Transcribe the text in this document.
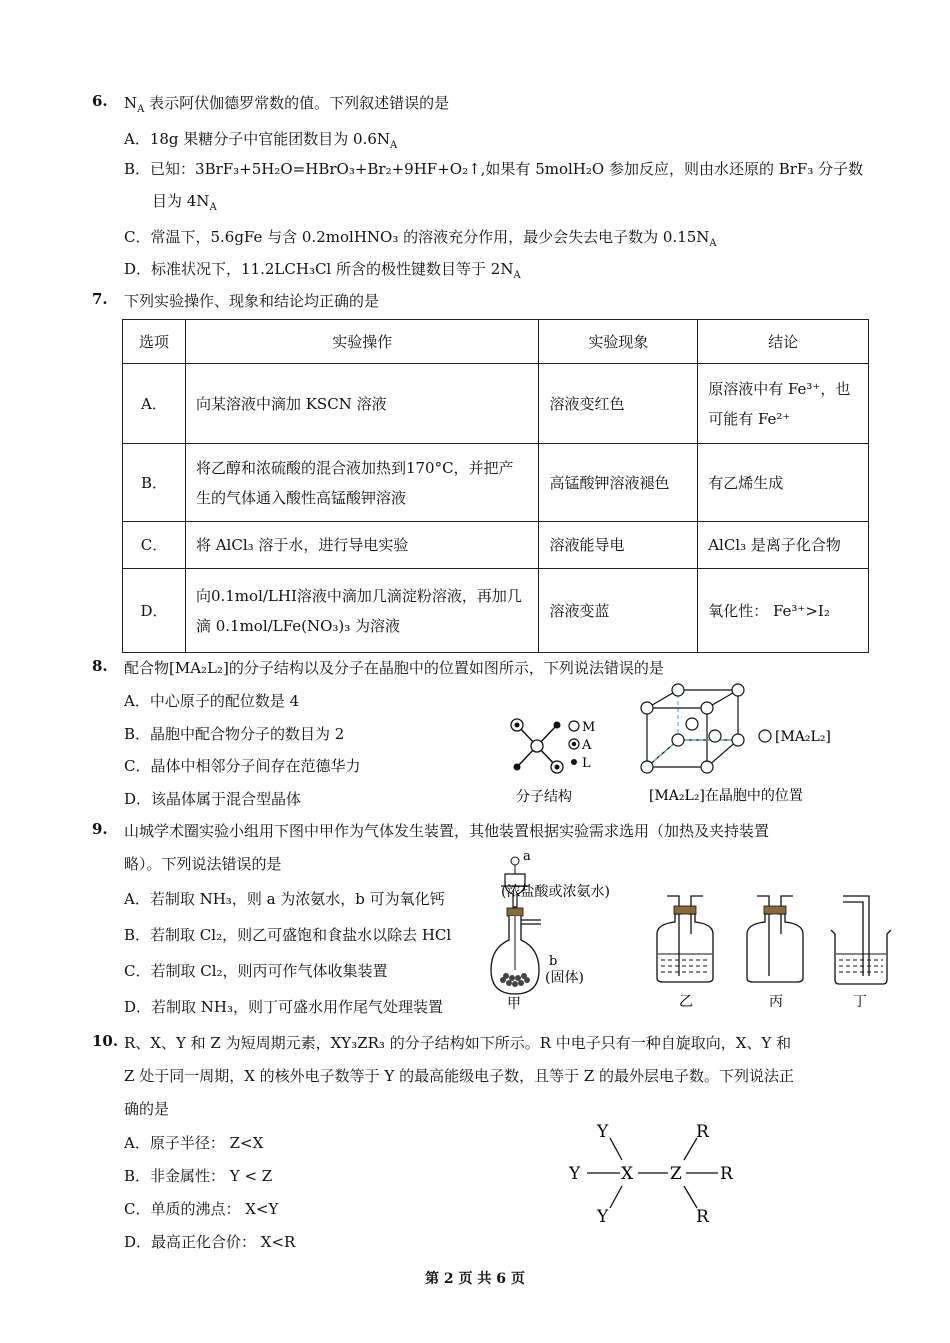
6. $N_A$ 表示阿伏伽德罗常数的值。下列叙述错误的是
A．18g 果糖分子中官能团数目为 $0.6N_A$
B．已知：3BrF₃+5H₂O=HBrO₃+Br₂+9HF+O₂↑,如果有 5molH₂O 参加反应，则由水还原的 BrF₃ 分子数
目为 $4N_A$
C．常温下，5.6gFe 与含 0.2molHNO₃ 的溶液充分作用，最少会失去电子数为 $0.15N_A$
D．标准状况下，11.2LCH₃Cl 所含的极性键数目等于 $2N_A$
7. 下列实验操作、现象和结论均正确的是
选项	实验操作	实验现象	结论
A．	向某溶液中滴加 KSCN 溶液	溶液变红色	原溶液中有 Fe³⁺，也可能有 Fe²⁺
B．	将乙醇和浓硫酸的混合液加热到170°C，并把产生的气体通入酸性高锰酸钾溶液	高锰酸钾溶液褪色	有乙烯生成
C．	将 AlCl₃ 溶于水，进行导电实验	溶液能导电	AlCl₃ 是离子化合物
D．	向0.1mol/LHI溶液中滴加几滴淀粉溶液，再加几滴 0.1mol/LFe(NO₃)₃ 为溶液	溶液变蓝	氧化性： Fe³⁺>I₂
8. 配合物[MA₂L₂]的分子结构以及分子在晶胞中的位置如图所示，下列说法错误的是
A．中心原子的配位数是 4
B．晶胞中配合物分子的数目为 2
C．晶体中相邻分子间存在范德华力
D．该晶体属于混合型晶体
M
A
L
分子结构
[MA₂L₂]
[MA₂L₂]在晶胞中的位置
9. 山城学术圈实验小组用下图中甲作为气体发生装置，其他装置根据实验需求选用（加热及夹持装置
略）。下列说法错误的是
A．若制取 NH₃，则 a 为浓氨水，b 可为氧化钙
B．若制取 Cl₂，则乙可盛饱和食盐水以除去 HCl
C．若制取 Cl₂，则丙可作气体收集装置
D．若制取 NH₃，则丁可盛水用作尾气处理装置
a
(浓盐酸或浓氨水)
b
(固体)
甲	乙	丙	丁
10. R、X、Y 和 Z 为短周期元素，XY₃ZR₃ 的分子结构如下所示。R 中电子只有一种自旋取向，X、Y 和
Z 处于同一周期，X 的核外电子数等于 Y 的最高能级电子数，且等于 Z 的最外层电子数。下列说法正
确的是
A．原子半径： Z<X
B．非金属性： Y < Z
C．单质的沸点： X<Y
D．最高正化合价： X<R
Y
Y
Y
X Z
R
R
R
第 2 页 共 6 页
